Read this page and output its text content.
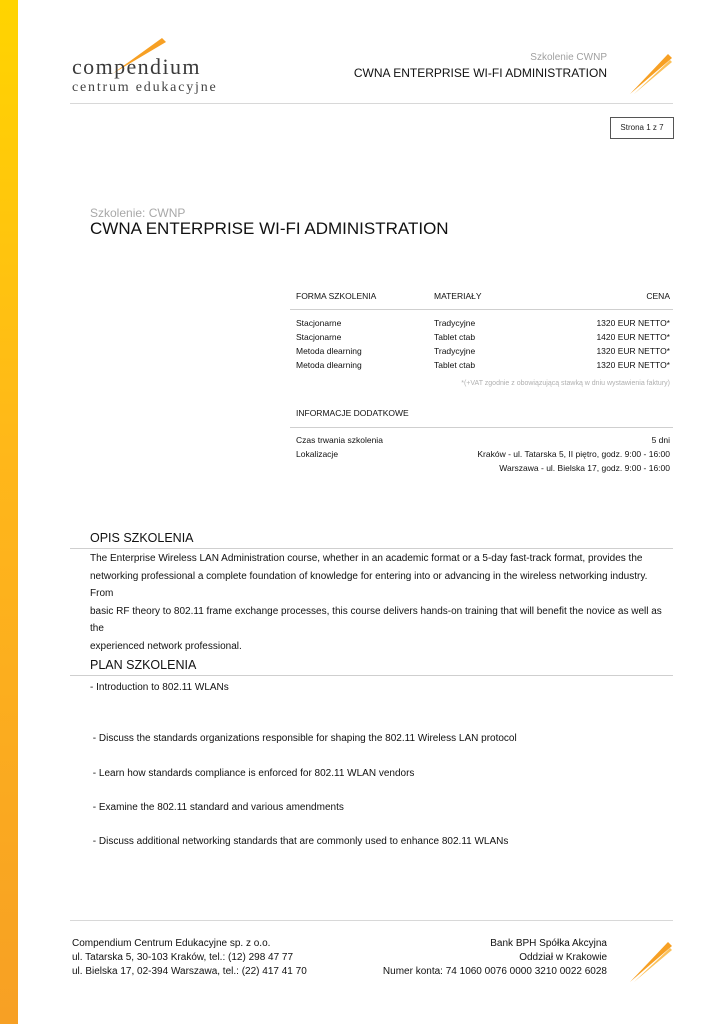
compendium
centrum edukacyjne
Szkolenie CWNP
CWNA ENTERPRISE WI-FI ADMINISTRATION
Strona 1 z 7
Szkolenie: CWNP
CWNA ENTERPRISE WI-FI ADMINISTRATION
FORMA SZKOLENIA	MATERIAŁY	CENA
Stacjonarne	Tradycyjne	1320 EUR NETTO*
Stacjonarne	Tablet ctab	1420 EUR NETTO*
Metoda dlearning	Tradycyjne	1320 EUR NETTO*
Metoda dlearning	Tablet ctab	1320 EUR NETTO*
*(+VAT zgodnie z obowiązującą stawką w dniu wystawienia faktury)
INFORMACJE DODATKOWE
Czas trwania szkolenia	5 dni
Lokalizacje	Kraków - ul. Tatarska 5, II piętro, godz. 9:00 - 16:00
Warszawa - ul. Bielska 17, godz. 9:00 - 16:00
OPIS SZKOLENIA
The Enterprise Wireless LAN Administration course, whether in an academic format or a 5-day fast-track format, provides the
networking professional a complete foundation of knowledge for entering into or advancing in the wireless networking industry. From
basic RF theory to 802.11 frame exchange processes, this course delivers hands-on training that will benefit the novice as well as the
experienced network professional.
PLAN SZKOLENIA
- Introduction to 802.11 WLANs
- Discuss the standards organizations responsible for shaping the 802.11 Wireless LAN protocol
- Learn how standards compliance is enforced for 802.11 WLAN vendors
- Examine the 802.11 standard and various amendments
- Discuss additional networking standards that are commonly used to enhance 802.11 WLANs
Compendium Centrum Edukacyjne sp. z o.o.
ul. Tatarska 5, 30-103 Kraków, tel.: (12) 298 47 77
ul. Bielska 17, 02-394 Warszawa, tel.: (22) 417 41 70
Bank BPH Spółka Akcyjna
Oddział w Krakowie
Numer konta: 74 1060 0076 0000 3210 0022 6028
